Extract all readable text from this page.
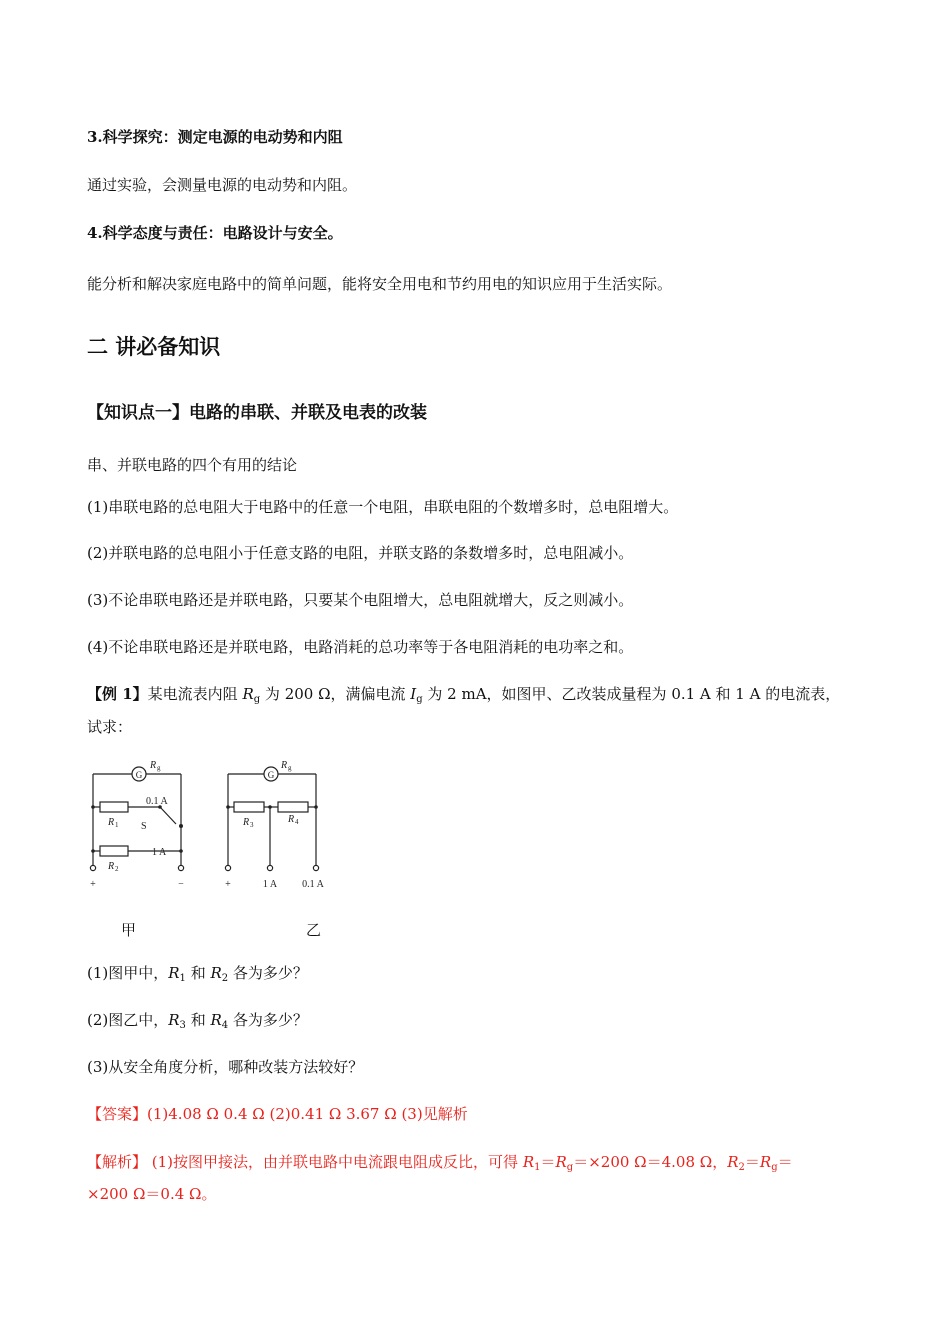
3.科学探究：测定电源的电动势和内阻
通过实验，会测量电源的电动势和内阻。
4.科学态度与责任：电路设计与安全。
能分析和解决家庭电路中的简单问题，能将安全用电和节约用电的知识应用于生活实际。
二 讲必备知识
【知识点一】电路的串联、并联及电表的改装
串、并联电路的四个有用的结论
(1)串联电路的总电阻大于电路中的任意一个电阻，串联电阻的个数增多时，总电阻增大。
(2)并联电路的总电阻小于任意支路的电阻，并联支路的条数增多时，总电阻减小。
(3)不论串联电路还是并联电路，只要某个电阻增大，总电阻就增大，反之则减小。
(4)不论串联电路还是并联电路，电路消耗的总功率等于各电阻消耗的电功率之和。
【例 1】某电流表内阻 $R_g$ 为 200 Ω，满偏电流 $I_g$ 为 2 mA，如图甲、乙改装成量程为 0.1 A 和 1 A 的电流表，
试求：
G
R g
0.1 A
R 1 S
1 A
R 2
+	−
G
R g
R 3	R 4
+	1 A	0.1 A
甲	乙
(1)图甲中，$R_1$ 和 $R_2$ 各为多少？
(2)图乙中，$R_3$ 和 $R_4$ 各为多少？
(3)从安全角度分析，哪种改装方法较好？
【答案】(1)4.08 Ω 0.4 Ω (2)0.41 Ω 3.67 Ω (3)见解析
【解析】 (1)按图甲接法，由并联电路中电流跟电阻成反比，可得 $R_1=R_g=\times 200$ Ω＝4.08 Ω，$R_2=R_g=$
×200 Ω＝0.4 Ω。
